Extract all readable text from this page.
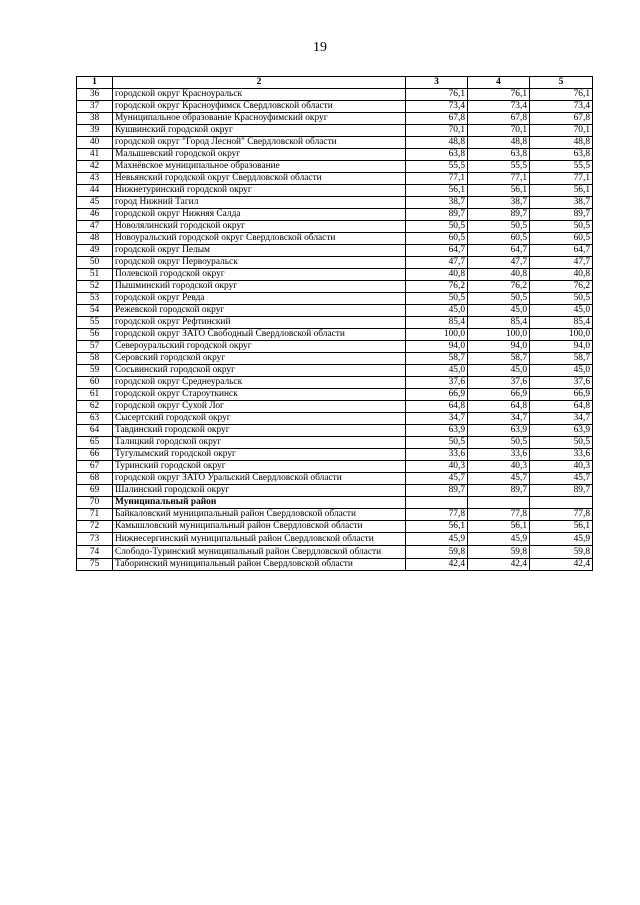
19
1	2	3	4	5
36	городской округ Красноуральск	76,1	76,1	76,1
37	городской округ Красноуфимск Свердловской области	73,4	73,4	73,4
38	Муниципальное образование Красноуфимский округ	67,8	67,8	67,8
39	Кушвинский городской округ	70,1	70,1	70,1
40	городской округ "Город Лесной" Свердловской области	48,8	48,8	48,8
41	Малышевский городской округ	63,8	63,8	63,8
42	Махнёвское муниципальное образование	55,5	55,5	55,5
43	Невьянский городской округ Свердловской области	77,1	77,1	77,1
44	Нижнетуринский городской округ	56,1	56,1	56,1
45	город Нижний Тагил	38,7	38,7	38,7
46	городской округ Нижняя Салда	89,7	89,7	89,7
47	Новолялинский городской округ	50,5	50,5	50,5
48	Новоуральский городской округ Свердловской области	60,5	60,5	60,5
49	городской округ Пелым	64,7	64,7	64,7
50	городской округ Первоуральск	47,7	47,7	47,7
51	Полевской городской округ	40,8	40,8	40,8
52	Пышминский городской округ	76,2	76,2	76,2
53	городской округ Ревда	50,5	50,5	50,5
54	Режевской городской округ	45,0	45,0	45,0
55	городской округ Рефтинский	85,4	85,4	85,4
56	городской округ ЗАТО Свободный Свердловской области	100,0	100,0	100,0
57	Североуральский городской округ	94,0	94,0	94,0
58	Серовский городской округ	58,7	58,7	58,7
59	Сосьвинский городской округ	45,0	45,0	45,0
60	городской округ Среднеуральск	37,6	37,6	37,6
61	городской округ Староуткинск	66,9	66,9	66,9
62	городской округ Сухой Лог	64,8	64,8	64,8
63	Сысертский городской округ	34,7	34,7	34,7
64	Тавдинский городской округ	63,9	63,9	63,9
65	Талицкий городской округ	50,5	50,5	50,5
66	Тугулымский городской округ	33,6	33,6	33,6
67	Туринский городской округ	40,3	40,3	40,3
68	городской округ ЗАТО Уральский Свердловской области	45,7	45,7	45,7
69	Шалинский городской округ	89,7	89,7	89,7
70	Муниципальный район			
71	Байкаловский муниципальный район Свердловской области	77,8	77,8	77,8
72	Камышловский муниципальный район Свердловской области	56,1	56,1	56,1
73	Нижнесергинский муниципальный район Свердловской области	45,9	45,9	45,9
74	Слободо-Туринский муниципальный район Свердловской области	59,8	59,8	59,8
75	Таборинский муниципальный район Свердловской области	42,4	42,4	42,4
